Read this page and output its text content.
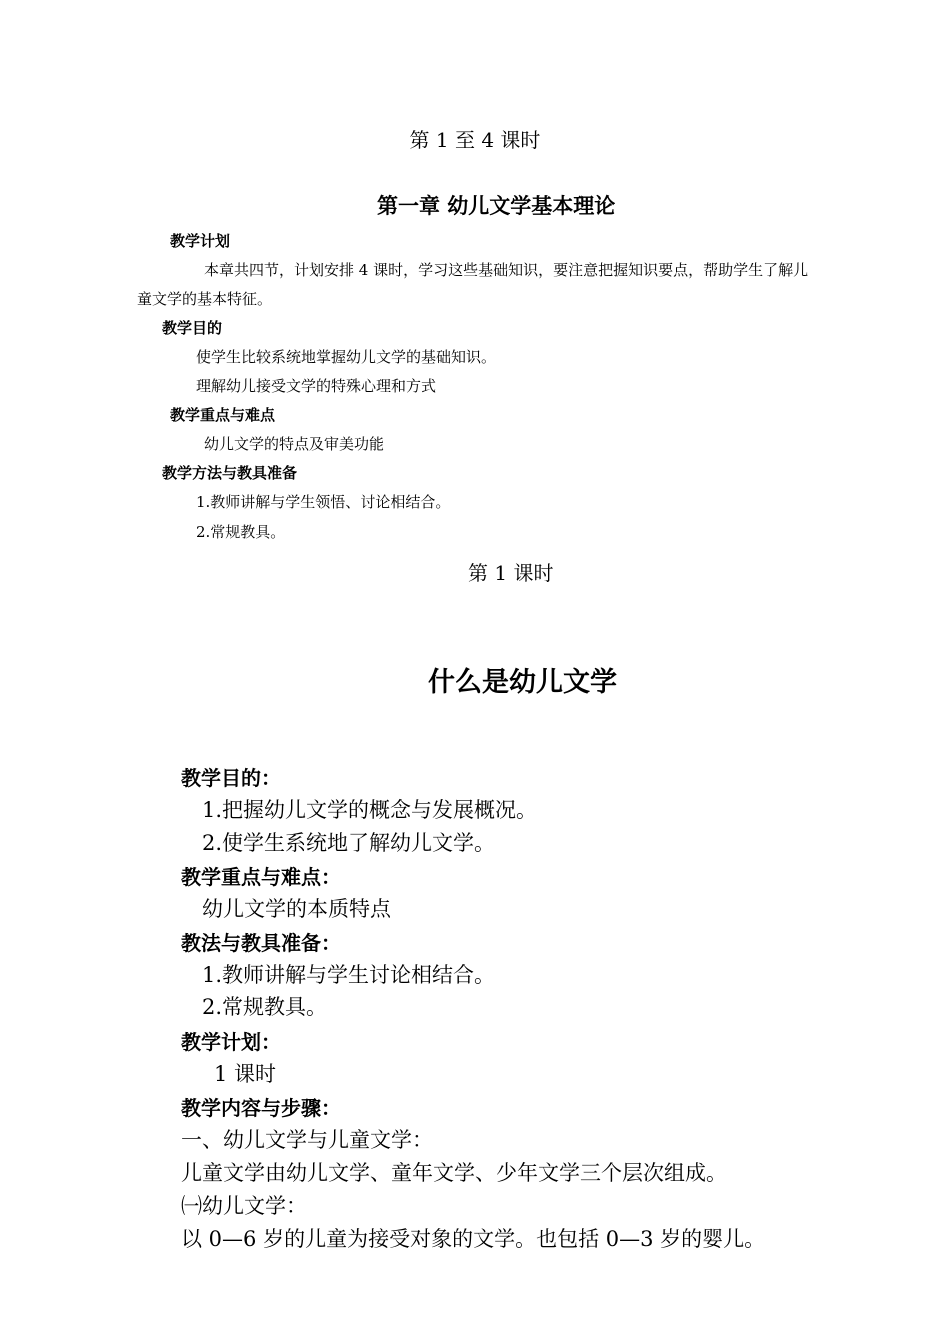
第 1 至 4 课时
第一章 幼儿文学基本理论
教学计划
本章共四节，计划安排 4 课时，学习这些基础知识，要注意把握知识要点，帮助学生了解儿
童文学的基本特征。
教学目的
使学生比较系统地掌握幼儿文学的基础知识。
理解幼儿接受文学的特殊心理和方式
教学重点与难点
幼儿文学的特点及审美功能
教学方法与教具准备
1.教师讲解与学生领悟、讨论相结合。
2.常规教具。
第 1 课时
什么是幼儿文学
教学目的：
1.把握幼儿文学的概念与发展概况。
2.使学生系统地了解幼儿文学。
教学重点与难点：
幼儿文学的本质特点
教法与教具准备：
1.教师讲解与学生讨论相结合。
2.常规教具。
教学计划：
1 课时
教学内容与步骤：
一、幼儿文学与儿童文学：
儿童文学由幼儿文学、童年文学、少年文学三个层次组成。
㈠幼儿文学：
以 0—6 岁的儿童为接受对象的文学。也包括 0—3 岁的婴儿。
